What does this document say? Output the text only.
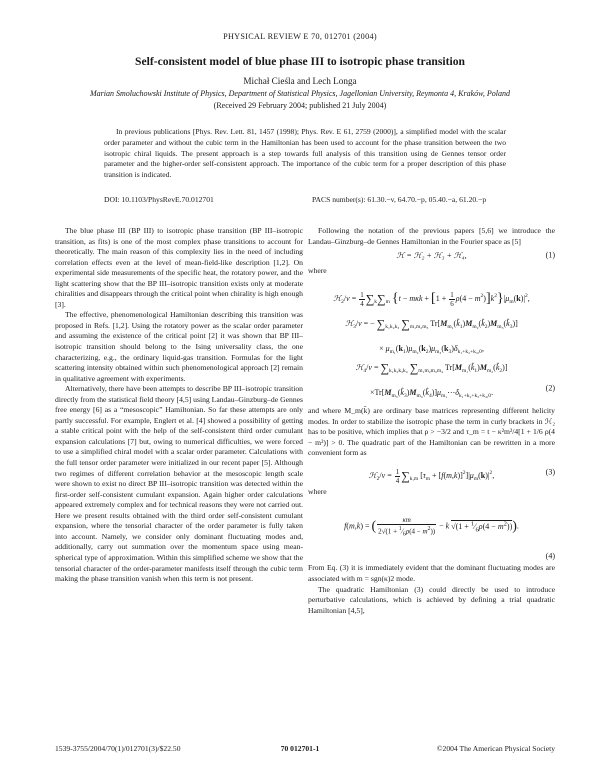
PHYSICAL REVIEW E 70, 012701 (2004)
Self-consistent model of blue phase III to isotropic phase transition
Michał Cieśla and Lech Longa
Marian Smoluchowski Institute of Physics, Department of Statistical Physics, Jagellonian University, Reymonta 4, Kraków, Poland
(Received 29 February 2004; published 21 July 2004)
In previous publications [Phys. Rev. Lett. 81, 1457 (1998); Phys. Rev. E 61, 2759 (2000)], a simplified model with the scalar order parameter and without the cubic term in the Hamiltonian has been used to account for the phase transition between the two isotropic chiral liquids. The present approach is a step towards full analysis of this transition using de Gennes tensor order parameter and the higher-order self-consistent approach. The importance of the cubic term for a proper description of this phase transition is indicated.
DOI: 10.1103/PhysRevE.70.012701	PACS number(s): 61.30.−v, 64.70.−p, 05.40.−a, 61.20.−p

The blue phase III (BP III) to isotropic phase transition (BP III–isotropic transition, as fits) is one of the most complex phase transitions to account for theoretically. The main reason of this complexity lies in the need of including correlation effects even at the level of mean-field-like description [1,2]. On experimental side measurements of the specific heat, the rotatory power, and the light scattering show that the BP III–isotropic transition exists only at moderate chiralities and disappears through the critical point when chirality is high enough [3].

The effective, phenomenological Hamiltonian describing this transition was proposed in Refs. [1,2]. Using the rotatory power as the scalar order parameter and assuming the existence of the critical point [2] it was shown that BP III–isotropic transition should belong to the Ising universality class, the one characterizing, e.g., the ordinary liquid-gas transition. Formulas for the light scattering intensity obtained within such phenomenological approach [2] remain in qualitative agreement with experiments.

Alternatively, there have been attempts to describe BP III–isotropic transition directly from the statistical field theory [4,5] using Landau–Ginzburg–de Gennes free energy [6] as a “mesoscopic” Hamiltonian. So far these attempts are only partly successful. For example, Englert et al. [4] showed a possibility of getting a stable critical point with the help of the self-consistent third order cumulant expansion calculations [7] but, owing to numerical difficulties, we were forced to use a simplified chiral model with a scalar order parameter. Calculations with the full tensor order parameter were initialized in our recent paper [5]. Although two regimes of different correlation behavior at the mesoscopic length scale were shown to exist no direct BP III–isotropic transition was detected within the first-order self-consistent cumulant expansion. Again higher order calculations appeared extremely complex and for technical reasons they were not carried out. Here we present results obtained with the third order self-consistent cumulant expansion, where the tensorial character of the order parameter is fully taken into account. Namely, we consider only dominant fluctuating modes and, additionally, carry out summation over the momentum space using mean-spherical type of approximation. Within this simplified scheme we show that the tensorial character of the order-parameter manifests itself through the cubic term making the phase transition vanish when this term is not present.

Following the notation of the previous papers [5,6] we introduce the Landau–Ginzburg–de Gennes Hamiltonian in the Fourier space as [5]

ℋ = ℋ₂ + ℋ₃ + ℋ₄,	(1)

where

ℋ$_2$/v = $\frac{1}{4} \sum_k\sum_m$ $\{t - m\kappa k + [1 + \frac{1}{6} \rho(4 - m^2)]k^2\}|\mu_m(k)|^2$,
ℋ$_3$/v = − $\sum_{k_1k_2k_3}$ $\sum_{m_1m_2m_3}$ $Tr[M_{m_1}(k̂_1)M_{m_2}(k̂_2)M_{m_3}(k̂_3)]$
× $\mu_{m_1}(k_1)\mu_{m_2}(k_2)\mu_{m_3}(k_3)\delta_{k_1+k_2+k_3,0}$,
ℋ$_4$/v = $\sum_{k_1k_2k_3k_4}$ $\sum_{m_1m_2m_3m_4}$ $Tr[M_{m_1}(k̂_1)M_{m_2}(k̂_2)]$
$\times Tr[M_{m_3}(k̂_3)M_{m_4}(k̂_4)]\mu_{m_1}\cdots\delta_{k_1+k_2+k_3+k_4,0}$.	(2)

and where M_m(k̂) are ordinary base matrices representing different helicity modes. In order to stabilize the isotropic phase the term in curly brackets in ℋ₂ has to be positive, which implies that ρ > −3/2 and τ_m = t − κ²m²/4[1 + 1/6 ρ(4 − m²)] > 0. The quadratic part of the Hamiltonian can be rewritten in a more convenient form as

ℋ$_2$/v = $\frac{1}{4} \sum_{k,m}$ $[\tau_m + [f(m,k)]^2]|\mu_m(k)|^2$,	(3)

where

f(m,k) = ( $\frac{\kappa m}{2√(1 + ^1⁄_6\rho(4 - m^2))} - k$ $√(1 + ^1⁄_6\rho(4 - m^2))$).
(4)

From Eq. (3) it is immediately evident that the dominant fluctuating modes are associated with m = sgn(κ)2 mode.

The quadratic Hamiltonian (3) could directly be used to introduce perturbative calculations, which is achieved by defining a trial quadratic Hamiltonian [4,5],

1539-3755/2004/70(1)/012701(3)/$22.50	70 012701-1	©2004 The American Physical Society
